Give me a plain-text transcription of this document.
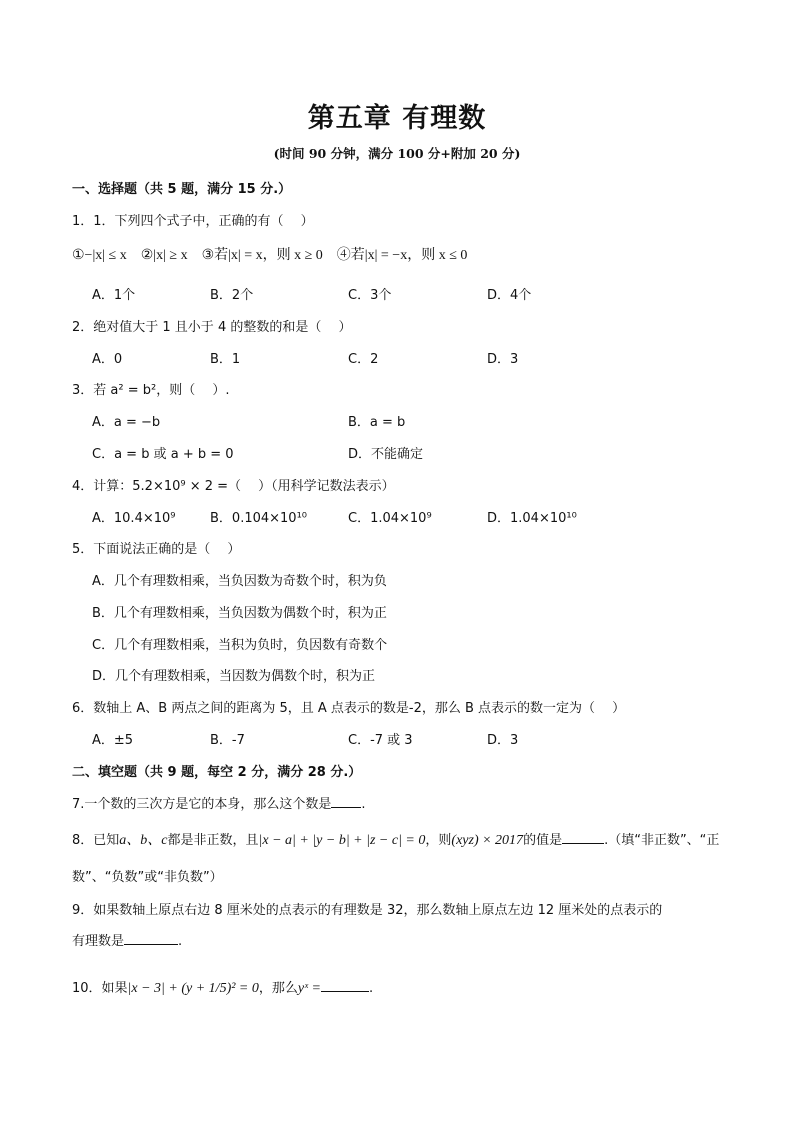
第五章 有理数
(时间 90 分钟，满分 100 分+附加 20 分)
一、选择题（共 5 题，满分 15 分.）
1．1．下列四个式子中，正确的有（　 ）
①−|x| ≤ x　②|x| ≥ x　③若|x| = x，则 x ≥ 0　④若|x| = −x，则 x ≤ 0
A．1个	B．2个	C．3个	D．4个
2．绝对值大于 1 且小于 4 的整数的和是（　 ）
A．0	B．1	C．2	D．3
3．若 a² = b²，则（　 ）.
A．a = −b	B．a = b
C．a = b 或 a + b = 0	D．不能确定
4．计算：5.2×10⁹ × 2 =（　 ）（用科学记数法表示）
A．10.4×10⁹	B．0.104×10¹⁰	C．1.04×10⁹	D．1.04×10¹⁰
5．下面说法正确的是（　 ）
A．几个有理数相乘，当负因数为奇数个时，积为负
B．几个有理数相乘，当负因数为偶数个时，积为正
C．几个有理数相乘，当积为负时，负因数有奇数个
D．几个有理数相乘，当因数为偶数个时，积为正
6．数轴上 A、B 两点之间的距离为 5，且 A 点表示的数是-2，那么 B 点表示的数一定为（　 ）
A．±5	B．-7	C．-7 或 3	D．3
二、填空题（共 9 题，每空 2 分，满分 28 分.）
7.一个数的三次方是它的本身，那么这个数是 .
8．已知a、b、c都是非正数，且|x − a| + |y − b| + |z − c| = 0，则(xyz) × 2017的值是	.（填“非正数”、“正
数”、“负数”或“非负数”）
9．如果数轴上原点右边 8 厘米处的点表示的有理数是 32，那么数轴上原点左边 12 厘米处的点表示的
有理数是	.
10．如果|x − 3| + (y + 1/5)² = 0，那么yˣ =	.
